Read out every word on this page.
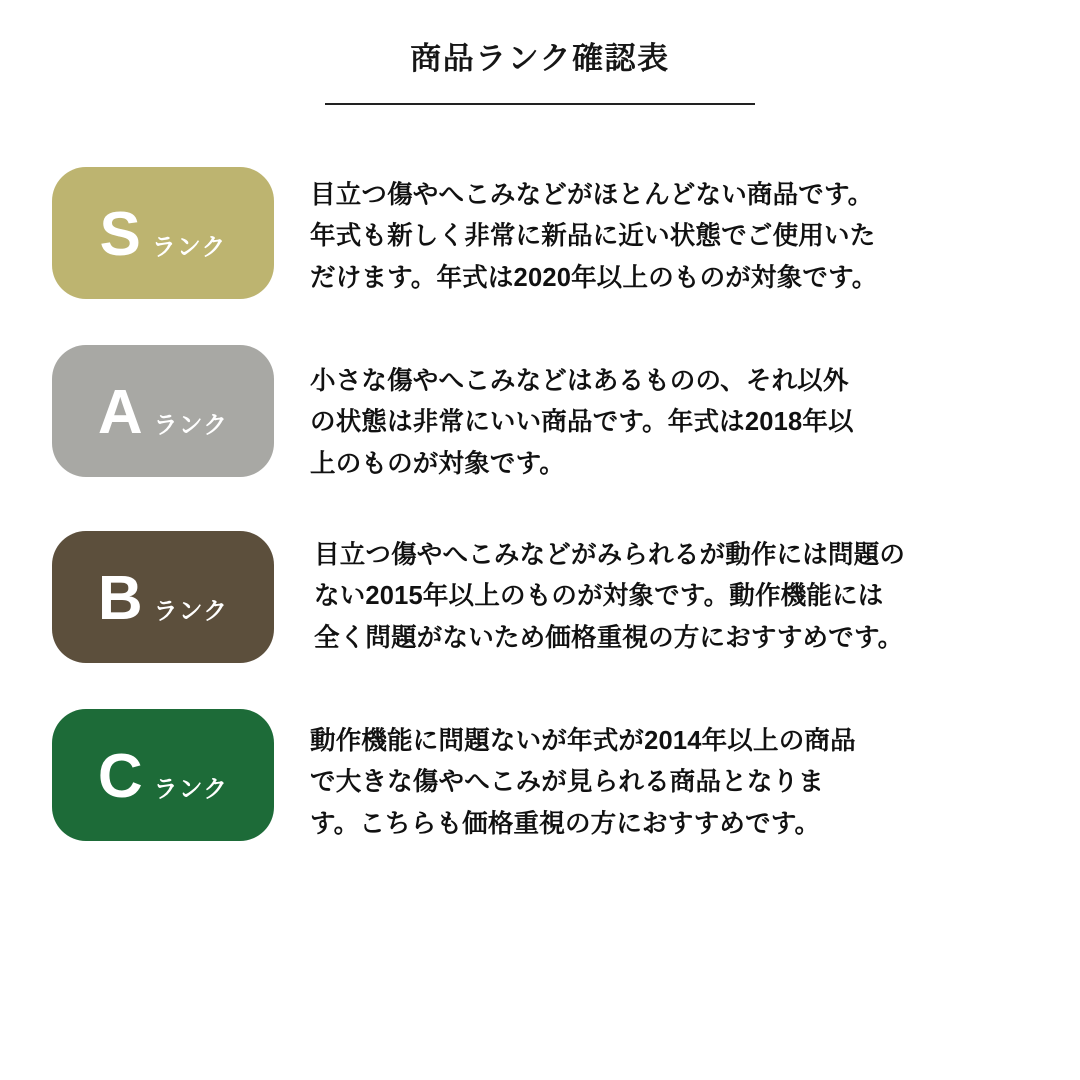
商品ランク確認表
S ランク

目立つ傷やへこみなどがほとんどない商品です。

年式も新しく非常に新品に近い状態でご使用いた

だけます。年式は2020年以上のものが対象です。

A ランク

小さな傷やへこみなどはあるものの、それ以外

の状態は非常にいい商品です。年式は2018年以

上のものが対象です。

B ランク

目立つ傷やへこみなどがみられるが動作には問題の

ない2015年以上のものが対象です。動作機能には

全く問題がないため価格重視の方におすすめです。

C ランク

動作機能に問題ないが年式が2014年以上の商品

で大きな傷やへこみが見られる商品となりま

す。こちらも価格重視の方におすすめです。
